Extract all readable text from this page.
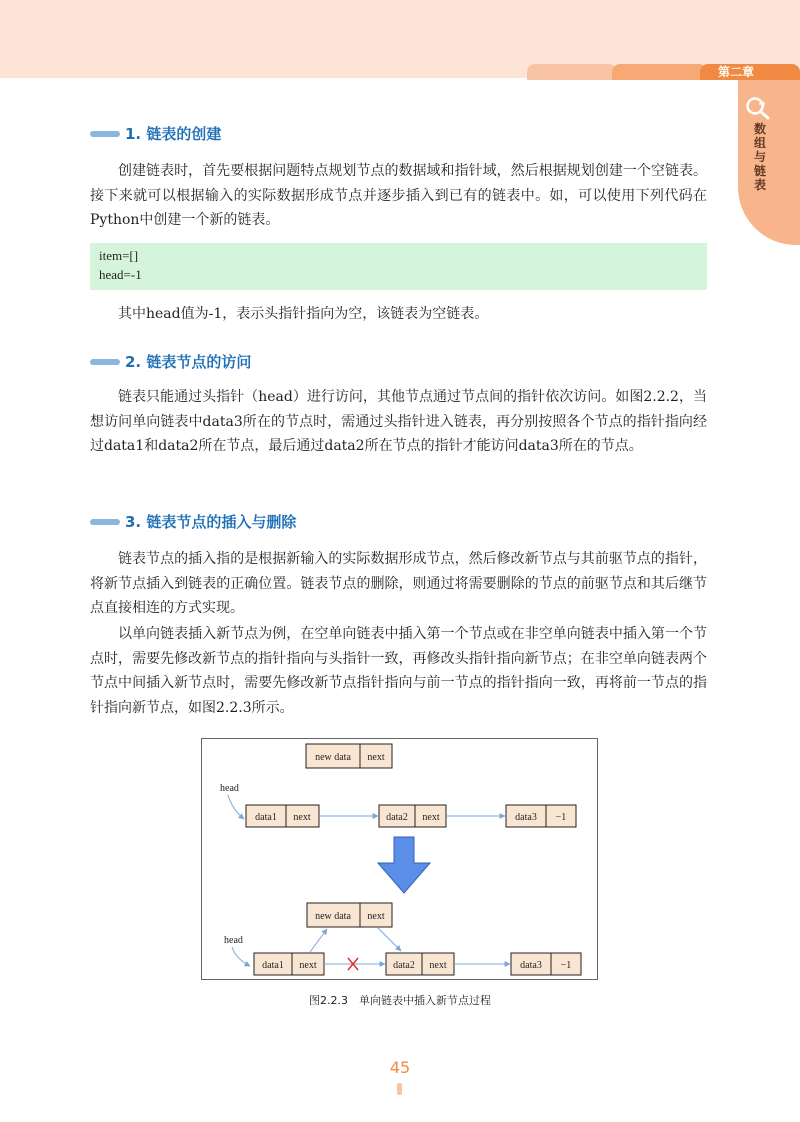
第二章
数组与链表
1. 链表的创建

创建链表时，首先要根据问题特点规划节点的数据域和指针域，然后根据规划创建一个空链表。接下来就可以根据输入的实际数据形成节点并逐步插入到已有的链表中。如，可以使用下列代码在Python中创建一个新的链表。

item=[]
head=-1

其中head值为-1，表示头指针指向为空，该链表为空链表。

2. 链表节点的访问

链表只能通过头指针（head）进行访问，其他节点通过节点间的指针依次访问。如图2.2.2，当想访问单向链表中data3所在的节点时，需通过头指针进入链表，再分别按照各个节点的指针指向经过data1和data2所在节点，最后通过data2所在节点的指针才能访问data3所在的节点。

3. 链表节点的插入与删除

链表节点的插入指的是根据新输入的实际数据形成节点，然后修改新节点与其前驱节点的指针，将新节点插入到链表的正确位置。链表节点的删除，则通过将需要删除的节点的前驱节点和其后继节点直接相连的方式实现。

以单向链表插入新节点为例，在空单向链表中插入第一个节点或在非空单向链表中插入第一个节点时，需要先修改新节点的指针指向与头指针一致，再修改头指针指向新节点；在非空单向链表两个节点中间插入新节点时，需要先修改新节点指针指向与前一节点的指针指向一致，再将前一节点的指针指向新节点，如图2.2.3所示。

new data next
head
data1 next	data2 next	data3 −1
new data next
head
data1 next	data2 next	data3 −1
图2.2.3　单向链表中插入新节点过程
45
